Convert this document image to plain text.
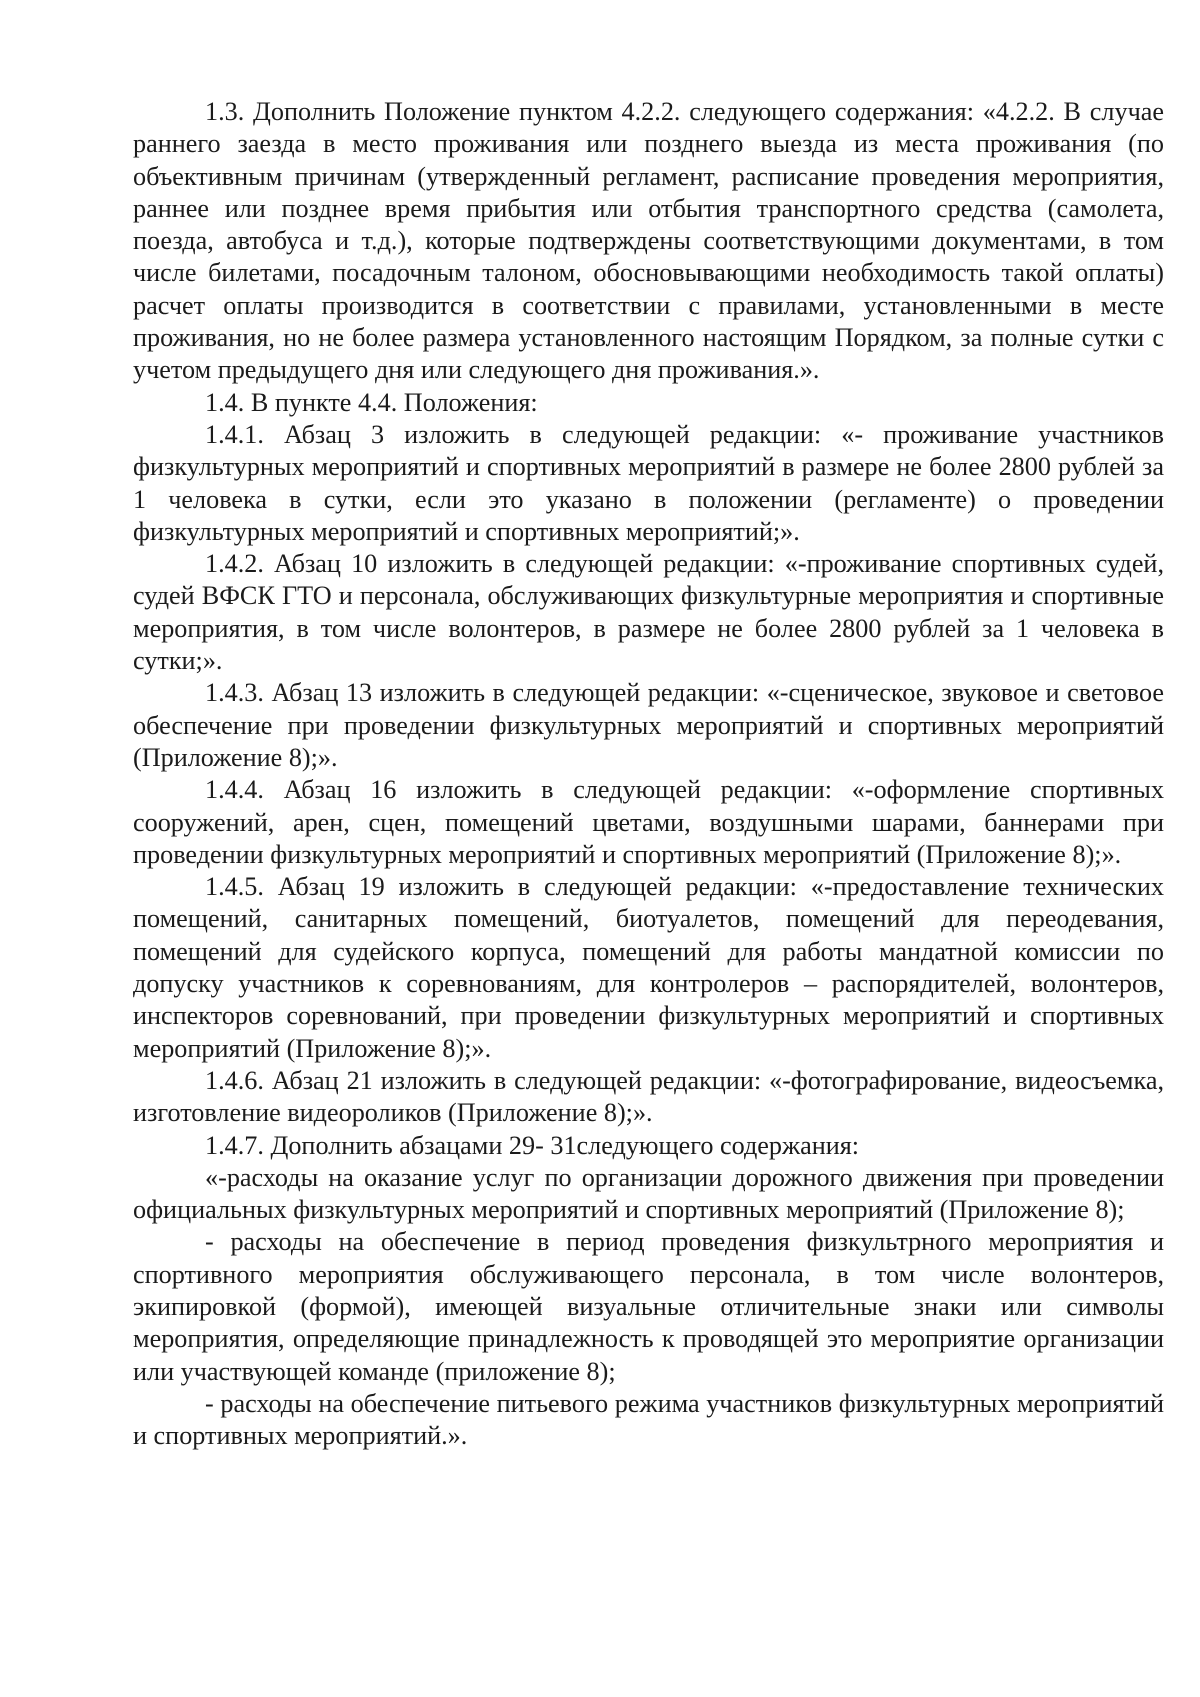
1.3. Дополнить Положение пунктом 4.2.2. следующего содержания: «4.2.2. В случае раннего заезда в место проживания или позднего выезда из места проживания (по объективным причинам (утвержденный регламент, расписание проведения мероприятия, раннее или позднее время прибытия или отбытия транспортного средства (самолета, поезда, автобуса и т.д.), которые подтверждены соответствующими документами, в том числе билетами, посадочным талоном, обосновывающими необходимость такой оплаты) расчет оплаты производится в соответствии с правилами, установленными в месте проживания, но не более размера установленного настоящим Порядком, за полные сутки с учетом предыдущего дня или следующего дня проживания.».

1.4. В пункте 4.4. Положения:

1.4.1. Абзац 3 изложить в следующей редакции: «- проживание участников физкультурных мероприятий и спортивных мероприятий в размере не более 2800 рублей за 1 человека в сутки, если это указано в положении (регламенте) о проведении физкультурных мероприятий и спортивных мероприятий;».

1.4.2. Абзац 10 изложить в следующей редакции: «-проживание спортивных судей, судей ВФСК ГТО и персонала, обслуживающих физкультурные мероприятия и спортивные мероприятия, в том числе волонтеров, в размере не более 2800 рублей за 1 человека в сутки;».

1.4.3. Абзац 13 изложить в следующей редакции: «-сценическое, звуковое и световое обеспечение при проведении физкультурных мероприятий и спортивных мероприятий (Приложение 8);».

1.4.4. Абзац 16 изложить в следующей редакции: «-оформление спортивных сооружений, арен, сцен, помещений цветами, воздушными шарами, баннерами при проведении физкультурных мероприятий и спортивных мероприятий (Приложение 8);».

1.4.5. Абзац 19 изложить в следующей редакции: «-предоставление технических помещений, санитарных помещений, биотуалетов, помещений для переодевания, помещений для судейского корпуса, помещений для работы мандатной комиссии по допуску участников к соревнованиям, для контролеров – распорядителей, волонтеров, инспекторов соревнований, при проведении физкультурных мероприятий и спортивных мероприятий (Приложение 8);».

1.4.6. Абзац 21 изложить в следующей редакции: «-фотографирование, видеосъемка, изготовление видеороликов (Приложение 8);».

1.4.7. Дополнить абзацами 29- 31следующего содержания:

«-расходы на оказание услуг по организации дорожного движения при проведении официальных физкультурных мероприятий и спортивных мероприятий (Приложение 8);

- расходы на обеспечение в период проведения физкультрного мероприятия и спортивного мероприятия обслуживающего персонала, в том числе волонтеров, экипировкой (формой), имеющей визуальные отличительные знаки или символы мероприятия, определяющие принадлежность к проводящей это мероприятие организации или участвующей команде (приложение 8);

- расходы на обеспечение питьевого режима участников физкультурных мероприятий и спортивных мероприятий.».
